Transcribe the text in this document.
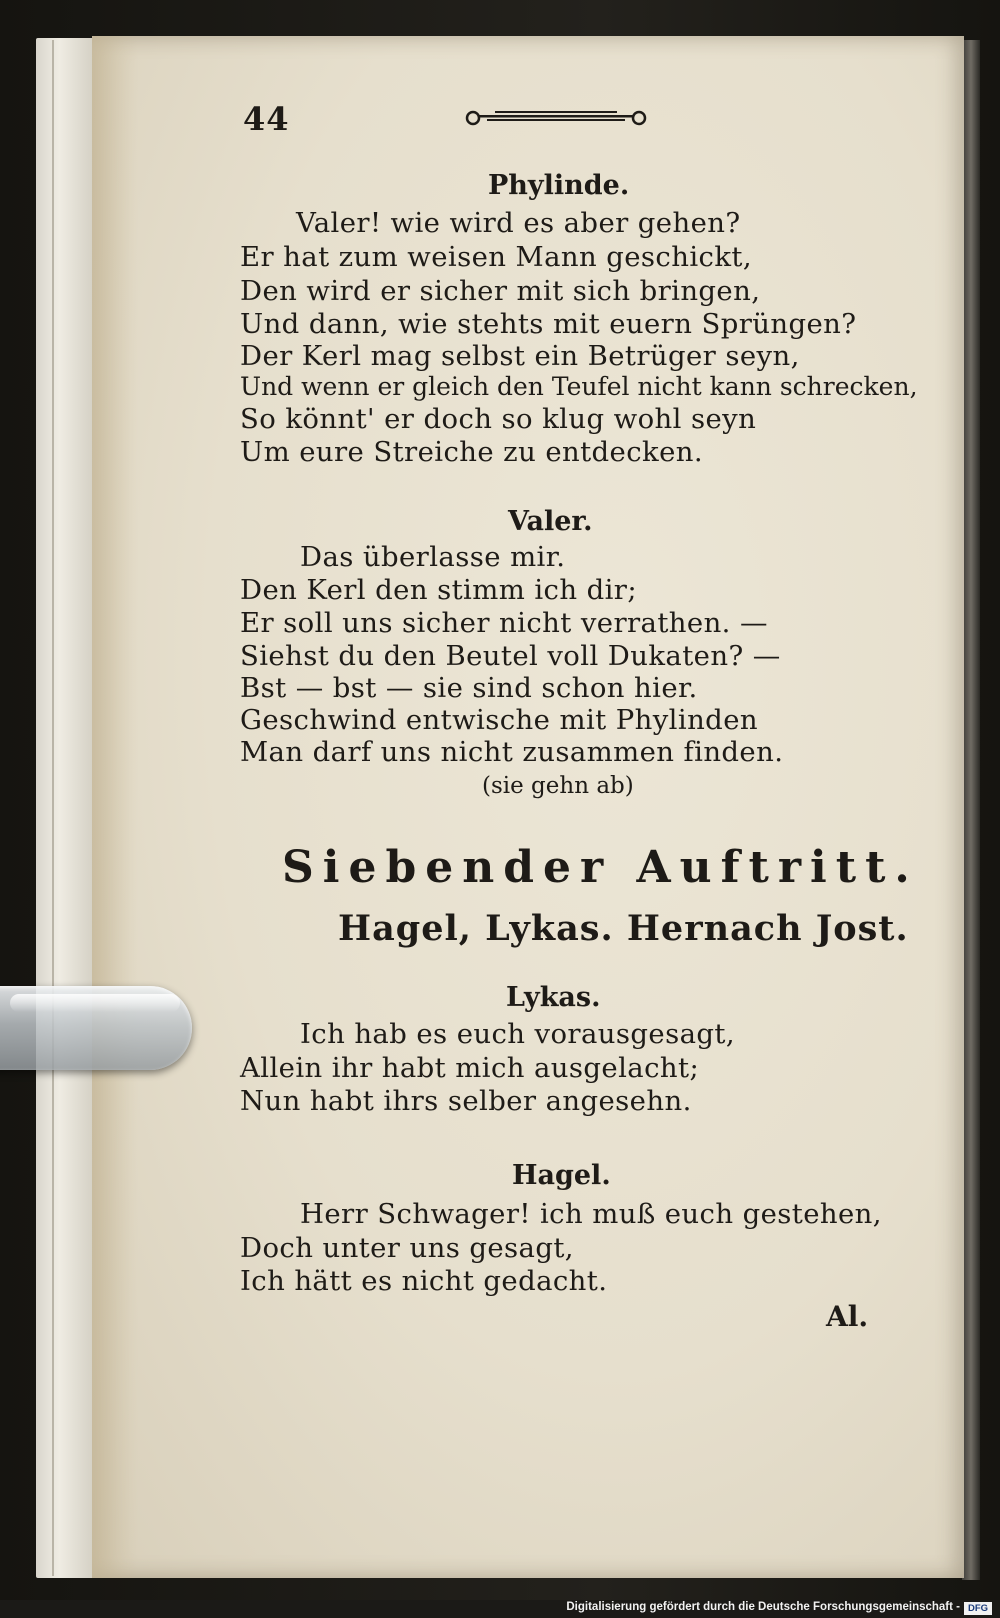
44
Phylinde.
Valer! wie wird es aber gehen?
Er hat zum weisen Mann geschickt,
Den wird er sicher mit sich bringen,
Und dann, wie stehts mit euern Sprüngen?
Der Kerl mag selbst ein Betrüger seyn,
Und wenn er gleich den Teufel nicht kann schrecken,
So könnt' er doch so klug wohl seyn
Um eure Streiche zu entdecken.
Valer.
Das überlasse mir.
Den Kerl den stimm ich dir;
Er soll uns sicher nicht verrathen. —
Siehst du den Beutel voll Dukaten? —
Bst — bst — sie sind schon hier.
Geschwind entwische mit Phylinden
Man darf uns nicht zusammen finden.
(sie gehn ab)
Siebender Auftritt.
Hagel, Lykas. Hernach Jost.
Lykas.
Ich hab es euch vorausgesagt,
Allein ihr habt mich ausgelacht;
Nun habt ihrs selber angesehn.
Hagel.
Herr Schwager! ich muß euch gestehen,
Doch unter uns gesagt,
Ich hätt es nicht gedacht.
Al.
Digitalisierung gefördert durch die Deutsche Forschungsgemeinschaft - DFG
